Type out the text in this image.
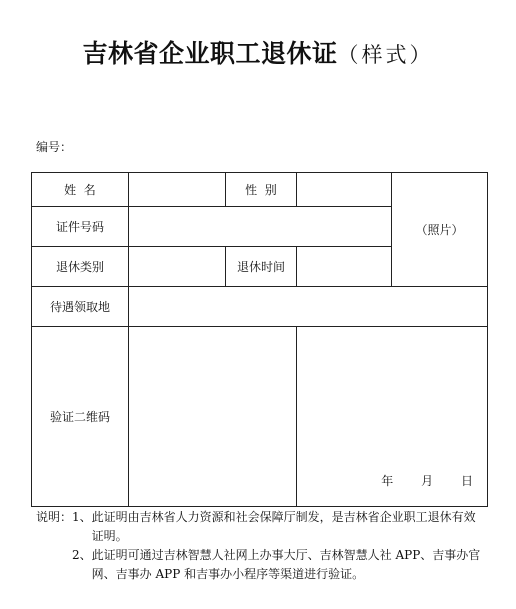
吉林省企业职工退休证（样式）
编号：
姓  名		性  别		（照片）
证件号码				
退休类别		退休时间		
待遇领取地				
验证二维码			年 月 日	
说明： 1、 此证明由吉林省人力资源和社会保障厅制发，是吉林省企业职工退休有效证明。
2、 此证明可通过吉林智慧人社网上办事大厅、吉林智慧人社 APP、吉事办官网、吉事办 APP 和吉事办小程序等渠道进行验证。
